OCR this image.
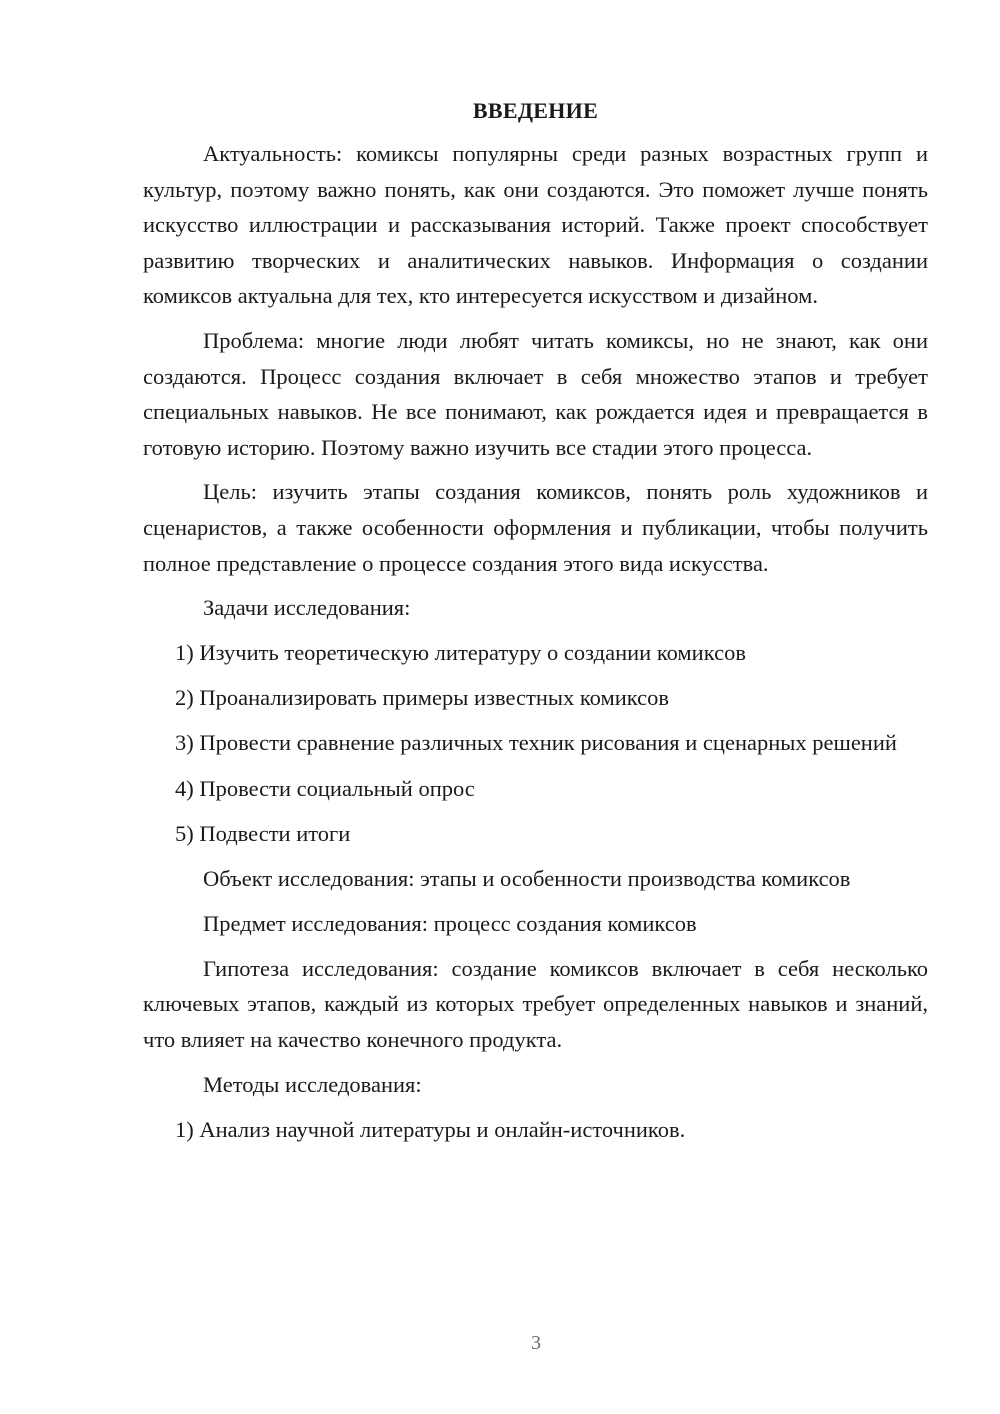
ВВЕДЕНИЕ

Актуальность: комиксы популярны среди разных возрастных групп и культур, поэтому важно понять, как они создаются. Это поможет лучше понять искусство иллюстрации и рассказывания историй. Также проект способствует развитию творческих и аналитических навыков. Информация о создании комиксов актуальна для тех, кто интересуется искусством и дизайном.

Проблема: многие люди любят читать комиксы, но не знают, как они создаются. Процесс создания включает в себя множество этапов и требует специальных навыков. Не все понимают, как рождается идея и превращается в готовую историю. Поэтому важно изучить все стадии этого процесса.

Цель: изучить этапы создания комиксов, понять роль художников и сценаристов, а также особенности оформления и публикации, чтобы получить полное представление о процессе создания этого вида искусства.

Задачи исследования:

1) Изучить теоретическую литературу о создании комиксов

2) Проанализировать примеры известных комиксов

3) Провести сравнение различных техник рисования и сценарных решений

4) Провести социальный опрос

5) Подвести итоги

Объект исследования: этапы и особенности производства комиксов

Предмет исследования: процесс создания комиксов

Гипотеза исследования: создание комиксов включает в себя несколько ключевых этапов, каждый из которых требует определенных навыков и знаний, что влияет на качество конечного продукта.

Методы исследования:

1) Анализ научной литературы и онлайн-источников.

3
